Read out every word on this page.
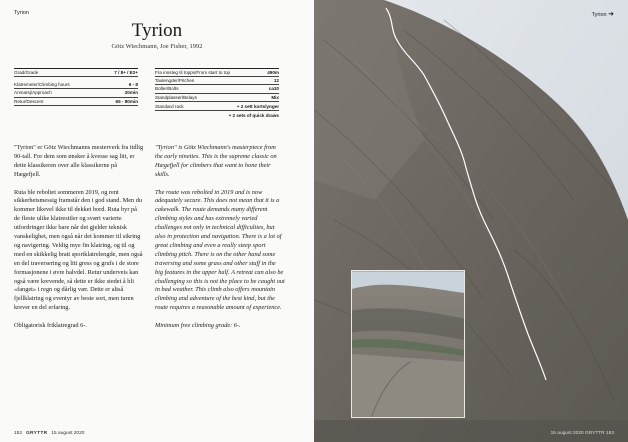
Tyrion
Tyrion
Götz Wiechmann, Joe Fisher, 1992
Grad/Grade	7 / 8+ / E2+
Klatremeter/Climbing hours	6 - 8
Anmarsj/Approach	20min
Retur/Descent	65 - 80min
Fra innsteg til topps/From start to top	490m
Taulengder/Pitches	12
Bolter/Bolts	ca10
Standplasser/Belays	Mix
Standard rack	+ 2 sett kortslynger
+ 2 sets of quick draws

"Tyrion" er Götz Wiechmanns mesterverk fra tidlig 90-tall. For dem som ønsker å kvesse sag litt, er dette klassikeren over alle klassikerne på Hægefjell.

Ruta ble reboltet sommeren 2019, og rent sikkerhetsmessig framstår den i god stand. Men du kommer likevel ikke til dekket bord. Ruta byr på de fleste ulike klatrestiler og svært varierte utfordringer ikke bare når det gjelder teknisk vanskelighet, men også når det kommer til sikring og navigering. Veldig mye fin klatring, og til og med en skikkelig bratt sportklatrelengde, men også en del traversering og litt gress og grufs i de store formasjonene i øvre halvdel. Retur underveis kan også være krevende, så dette er ikke stedet å bli «fanget» i regn og dårlig vær. Dette er altså fjellklatring og eventyr av beste sort, men turen krever en del erfaring.

Obligatorisk friklatregrad 6-.

"Tyrion" is Götz Wiechmann's masterpiece from the early nineties. This is the supreme classic on Hægefjell for climbers that want to hone their skills.

The route was rebolted in 2019 and is now adequately secure. This does not mean that it is a cakewalk. The route demands many different climbing styles and has extremely varied challenges not only in technical difficulties, but also in protection and navigation. There is a lot of great climbing and even a really steep sport climbing pitch. There is on the other hand some traversing and some grass and other stuff in the big features in the upper half. A retreat can also be challenging so this is not the place to be caught out in bad weather. This climb also offers mountain climbing and adventure of the best kind, but the route requires a reasonable amount of experience.

Minimum free climbing grade: 6-.

152 GRYTTR 15 august 2020
Tyrion ➜
15 august 2020 GRYTTR 153
